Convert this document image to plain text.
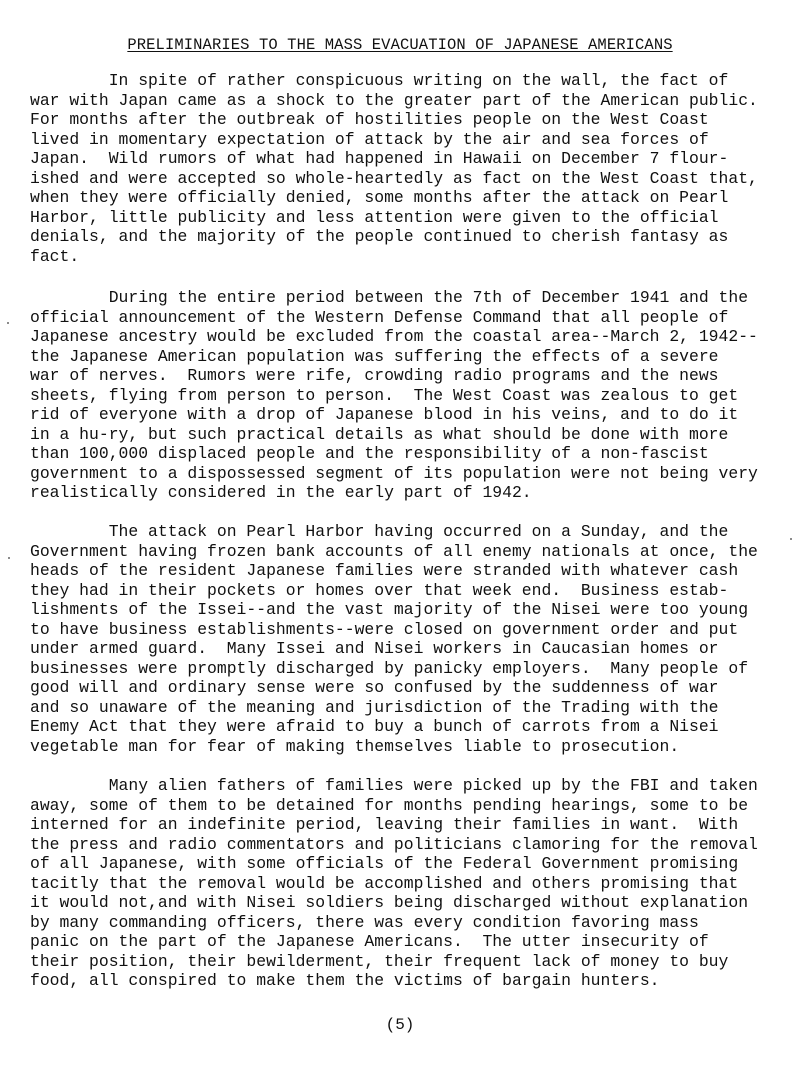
PRELIMINARIES TO THE MASS EVACUATION OF JAPANESE AMERICANS
In spite of rather conspicuous writing on the wall, the fact of
war with Japan came as a shock to the greater part of the American public.
For months after the outbreak of hostilities people on the West Coast
lived in momentary expectation of attack by the air and sea forces of
Japan.  Wild rumors of what had happened in Hawaii on December 7 flour-
ished and were accepted so whole-heartedly as fact on the West Coast that,
when they were officially denied, some months after the attack on Pearl
Harbor, little publicity and less attention were given to the official
denials, and the majority of the people continued to cherish fantasy as
fact.
During the entire period between the 7th of December 1941 and the
official announcement of the Western Defense Command that all people of
Japanese ancestry would be excluded from the coastal area--March 2, 1942--
the Japanese American population was suffering the effects of a severe
war of nerves.  Rumors were rife, crowding radio programs and the news
sheets, flying from person to person.  The West Coast was zealous to get
rid of everyone with a drop of Japanese blood in his veins, and to do it
in a hu-ry, but such practical details as what should be done with more
than 100,000 displaced people and the responsibility of a non-fascist
government to a dispossessed segment of its population were not being very
realistically considered in the early part of 1942.
The attack on Pearl Harbor having occurred on a Sunday, and the
Government having frozen bank accounts of all enemy nationals at once, the
heads of the resident Japanese families were stranded with whatever cash
they had in their pockets or homes over that week end.  Business estab-
lishments of the Issei--and the vast majority of the Nisei were too young
to have business establishments--were closed on government order and put
under armed guard.  Many Issei and Nisei workers in Caucasian homes or
businesses were promptly discharged by panicky employers.  Many people of
good will and ordinary sense were so confused by the suddenness of war
and so unaware of the meaning and jurisdiction of the Trading with the
Enemy Act that they were afraid to buy a bunch of carrots from a Nisei
vegetable man for fear of making themselves liable to prosecution.
Many alien fathers of families were picked up by the FBI and taken
away, some of them to be detained for months pending hearings, some to be
interned for an indefinite period, leaving their families in want.  With
the press and radio commentators and politicians clamoring for the removal
of all Japanese, with some officials of the Federal Government promising
tacitly that the removal would be accomplished and others promising that
it would not,and with Nisei soldiers being discharged without explanation
by many commanding officers, there was every condition favoring mass
panic on the part of the Japanese Americans.  The utter insecurity of
their position, their bewilderment, their frequent lack of money to buy
food, all conspired to make them the victims of bargain hunters.
(5)
